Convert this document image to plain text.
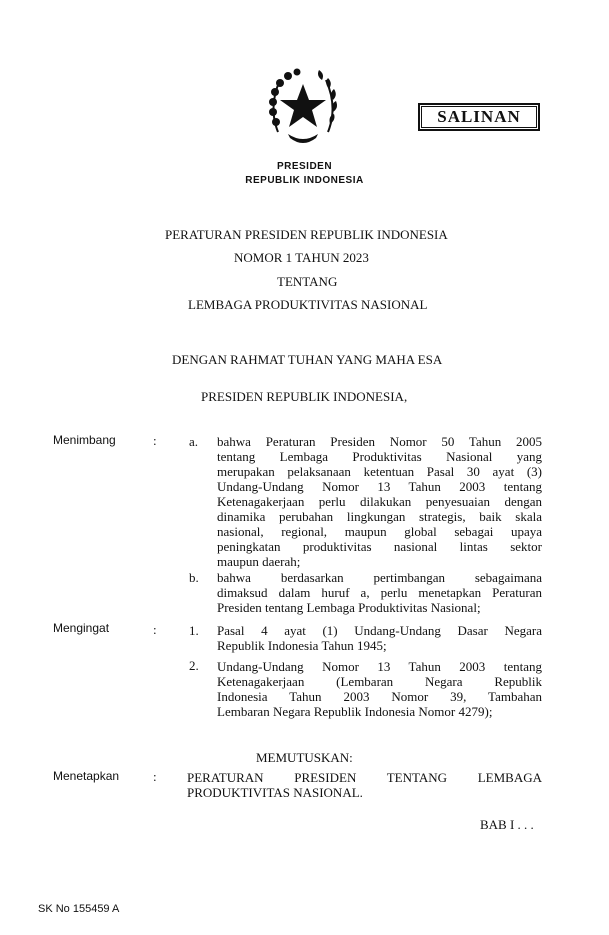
SALINAN
PRESIDEN
REPUBLIK INDONESIA
PERATURAN PRESIDEN REPUBLIK INDONESIA
NOMOR 1 TAHUN 2023
TENTANG
LEMBAGA PRODUKTIVITAS NASIONAL
DENGAN RAHMAT TUHAN YANG MAHA ESA
PRESIDEN REPUBLIK INDONESIA,
Menimbang	: a. bahwa Peraturan Presiden Nomor 50 Tahun 2005
tentang Lembaga Produktivitas Nasional yang
merupakan pelaksanaan ketentuan Pasal 30 ayat (3)
Undang-Undang Nomor 13 Tahun 2003 tentang
Ketenagakerjaan perlu dilakukan penyesuaian dengan
dinamika perubahan lingkungan strategis, baik skala
nasional, regional, maupun global sebagai upaya
peningkatan produktivitas nasional lintas sektor
maupun daerah;
b. bahwa berdasarkan pertimbangan sebagaimana
dimaksud dalam huruf a, perlu menetapkan Peraturan
Presiden tentang Lembaga Produktivitas Nasional;
Mengingat	: 1. Pasal 4 ayat (1) Undang-Undang Dasar Negara
Republik Indonesia Tahun 1945;
2. Undang-Undang Nomor 13 Tahun 2003 tentang
Ketenagakerjaan (Lembaran Negara Republik
Indonesia Tahun 2003 Nomor 39, Tambahan
Lembaran Negara Republik Indonesia Nomor 4279);
MEMUTUSKAN:
Menetapkan	: PERATURAN PRESIDEN TENTANG LEMBAGA
PRODUKTIVITAS NASIONAL.
BAB I . . .
SK No 155459 A
